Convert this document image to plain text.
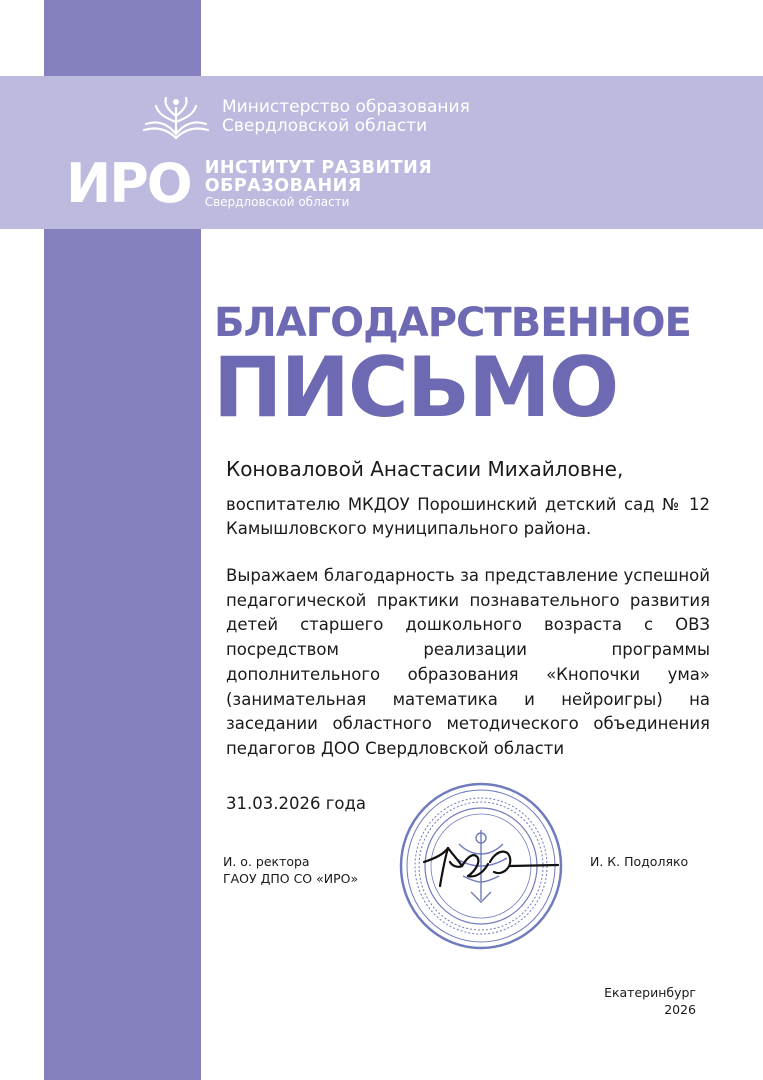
Министерство образования
Свердловской области
ИРО ИНСТИТУТ РАЗВИТИЯ
ОБРАЗОВАНИЯ
Свердловской области
БЛАГОДАРСТВЕННОЕ
ПИСЬМО
Коноваловой Анастасии Михайловне,
воспитателю МКДОУ Порошинский детский сад № 12 Камышловского муниципального района.
Выражаем благодарность за представление успешной педагогической практики познавательного развития детей старшего дошкольного возраста с ОВЗ посредством реализации программы дополнительного образования «Кнопочки ума» (занимательная математика и нейроигры) на заседании областного методического объединения педагогов ДОО Свердловской области
31.03.2026 года
И. о. ректора
ГАОУ ДПО СО «ИРО»
И. К. Подоляко
Екатеринбург
2026
